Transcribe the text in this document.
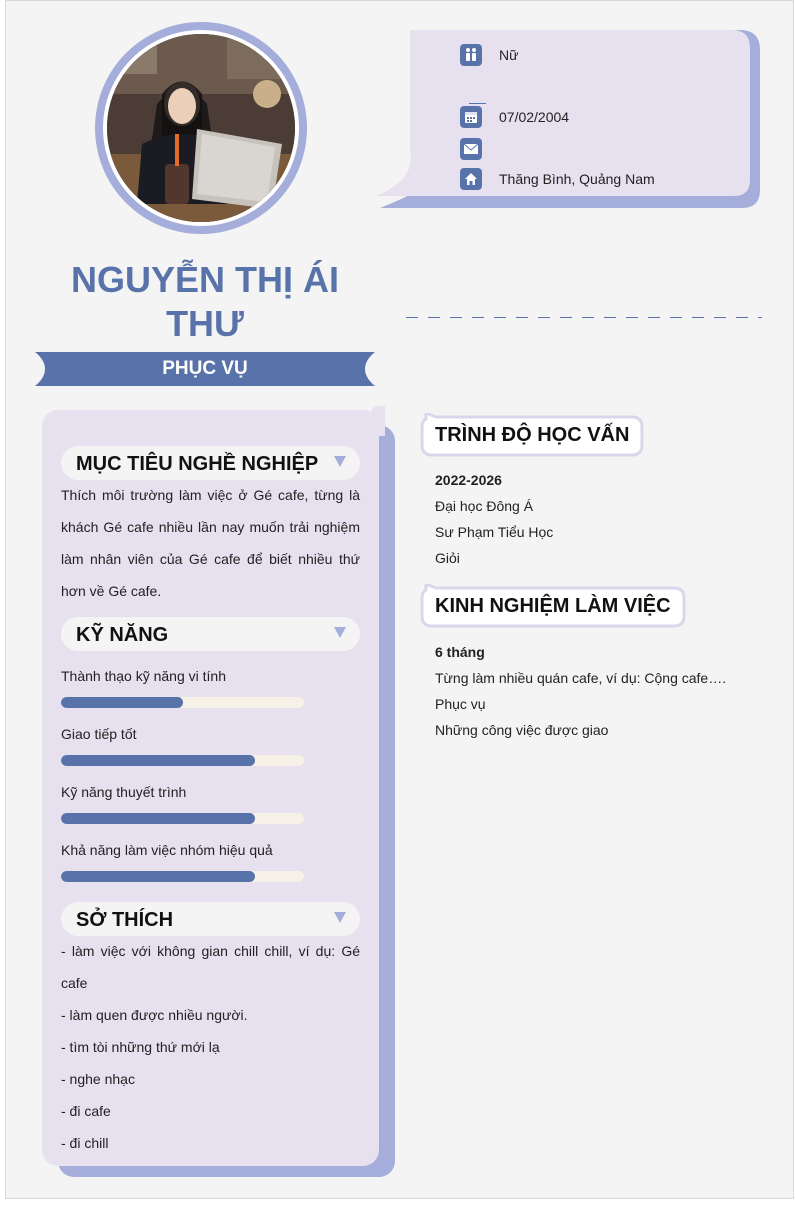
NGUYỄN THỊ ÁI THƯ
PHỤC VỤ
Nữ
07/02/2004
Thăng Bình, Quảng Nam
MỤC TIÊU NGHỀ NGHIỆP
Thích môi trường làm việc ở Gé cafe, từng là khách Gé cafe nhiều lần nay muốn trải nghiệm làm nhân viên của Gé cafe để biết nhiều thứ hơn về Gé cafe.
KỸ NĂNG
Thành thạo kỹ năng vi tính
Giao tiếp tốt
Kỹ năng thuyết trình
Khả năng làm việc nhóm hiệu quả
SỞ THÍCH
- làm việc với không gian chill chill, ví dụ: Gé cafe
- làm quen được nhiều người.
- tìm tòi những thứ mới lạ
- nghe nhạc
- đi cafe
- đi chill
TRÌNH ĐỘ HỌC VẤN
2022-2026
Đại học Đông Á
Sư Phạm Tiểu Học
Giỏi
KINH NGHIỆM LÀM VIỆC
6 tháng
Từng làm nhiều quán cafe, ví dụ: Cộng cafe….
Phục vụ
Những công việc được giao
